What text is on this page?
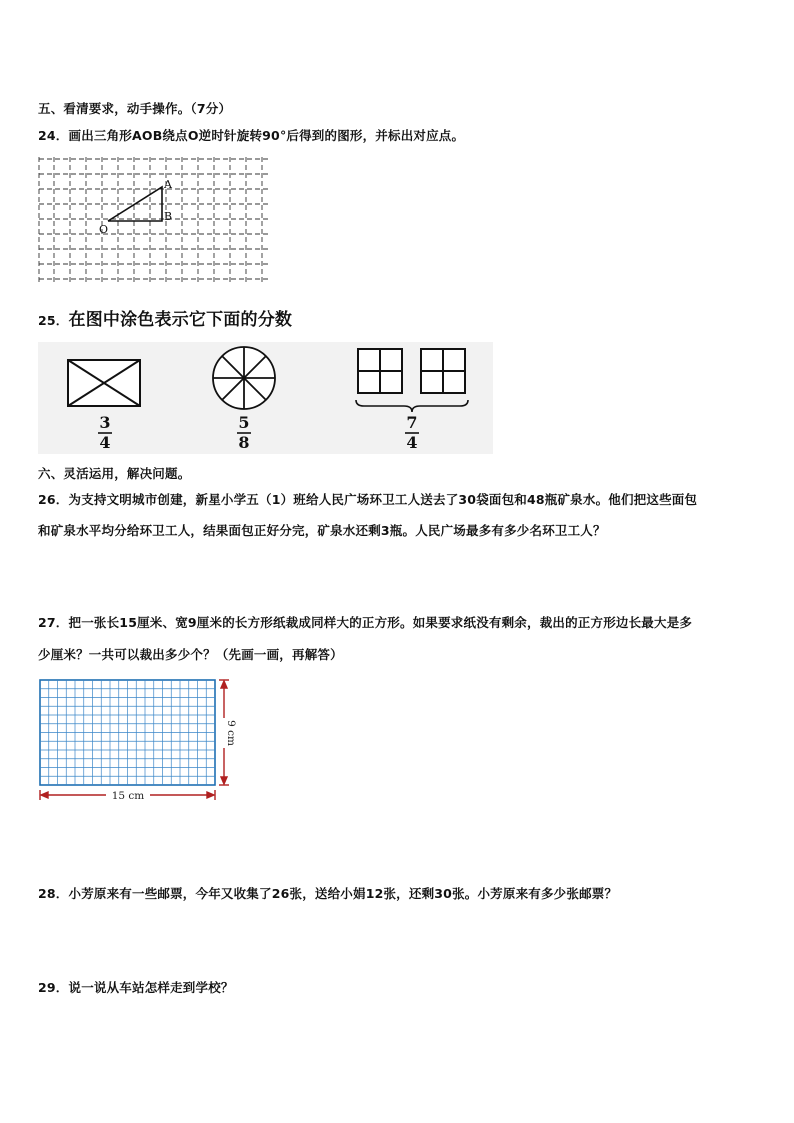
五、看清要求，动手操作。（7分）
24．画出三角形AOB绕点O逆时针旋转90°后得到的图形，并标出对应点。
A
B
O
25．在图中涂色表示它下面的分数
3
4
5
8
7
4
六、灵活运用，解决问题。
26．为支持文明城市创建，新星小学五（1）班给人民广场环卫工人送去了30袋面包和48瓶矿泉水。他们把这些面包
和矿泉水平均分给环卫工人，结果面包正好分完，矿泉水还剩3瓶。人民广场最多有多少名环卫工人？
27．把一张长15厘米、宽9厘米的长方形纸裁成同样大的正方形。如果要求纸没有剩余，裁出的正方形边长最大是多
少厘米？一共可以裁出多少个？（先画一画，再解答）
15 cm
9 cm
28．小芳原来有一些邮票，今年又收集了26张，送给小娟12张，还剩30张。小芳原来有多少张邮票？
29．说一说从车站怎样走到学校？
